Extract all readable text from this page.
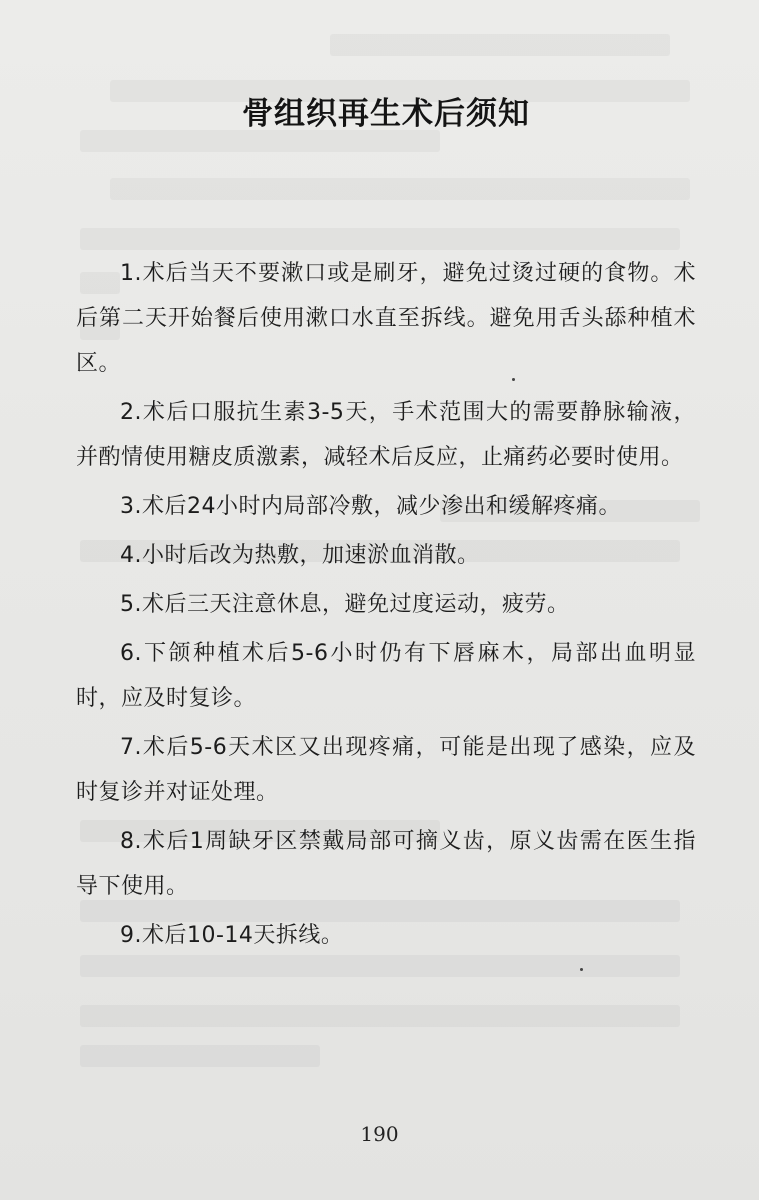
骨组织再生术后须知

1.术后当天不要漱口或是刷牙，避免过烫过硬的食物。术后第二天开始餐后使用漱口水直至拆线。避免用舌头舔种植术区。

2.术后口服抗生素3-5天，手术范围大的需要静脉输液，并酌情使用糖皮质激素，减轻术后反应，止痛药必要时使用。

3.术后24小时内局部冷敷，减少渗出和缓解疼痛。

4.小时后改为热敷，加速淤血消散。

5.术后三天注意休息，避免过度运动，疲劳。

6.下颌种植术后5-6小时仍有下唇麻木，局部出血明显时，应及时复诊。

7.术后5-6天术区又出现疼痛，可能是出现了感染，应及时复诊并对证处理。

8.术后1周缺牙区禁戴局部可摘义齿，原义齿需在医生指导下使用。

9.术后10-14天拆线。

190
